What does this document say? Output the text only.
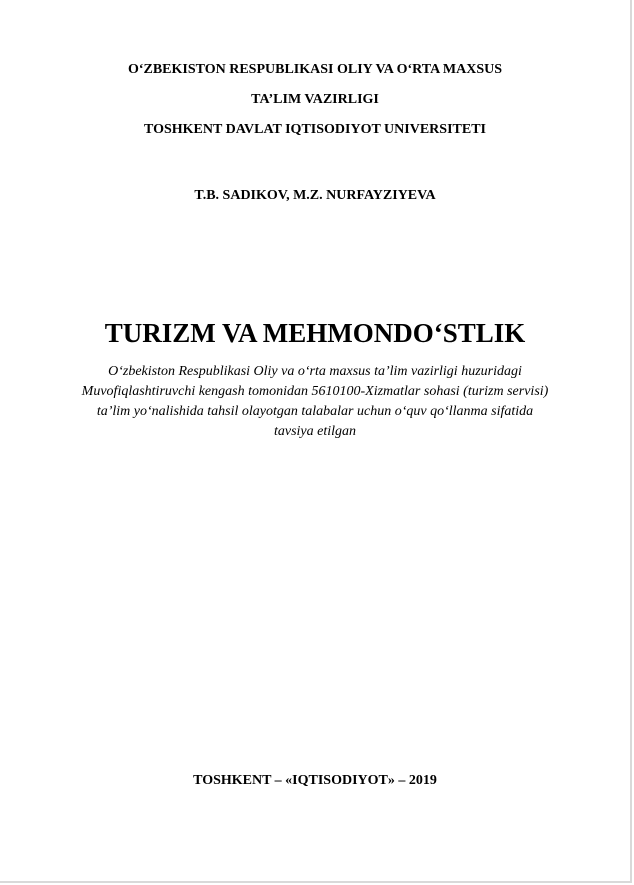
O‘ZBEKISTON RESPUBLIKASI OLIY VA O‘RTA MAXSUS
TA’LIM VAZIRLIGI
TOSHKENT DAVLAT IQTISODIYOT UNIVERSITETI
T.B. SADIKOV, M.Z. NURFAYZIYEVA
TURIZM VA MEHMONDO‘STLIK
O‘zbekiston Respublikasi Oliy va o‘rta maxsus ta’lim vazirligi huzuridagi
Muvofiqlashtiruvchi kengash tomonidan 5610100-Xizmatlar sohasi (turizm servisi)
ta’lim yo‘nalishida tahsil olayotgan talabalar uchun o‘quv qo‘llanma sifatida
tavsiya etilgan
TOSHKENT – «IQTISODIYOT» – 2019
